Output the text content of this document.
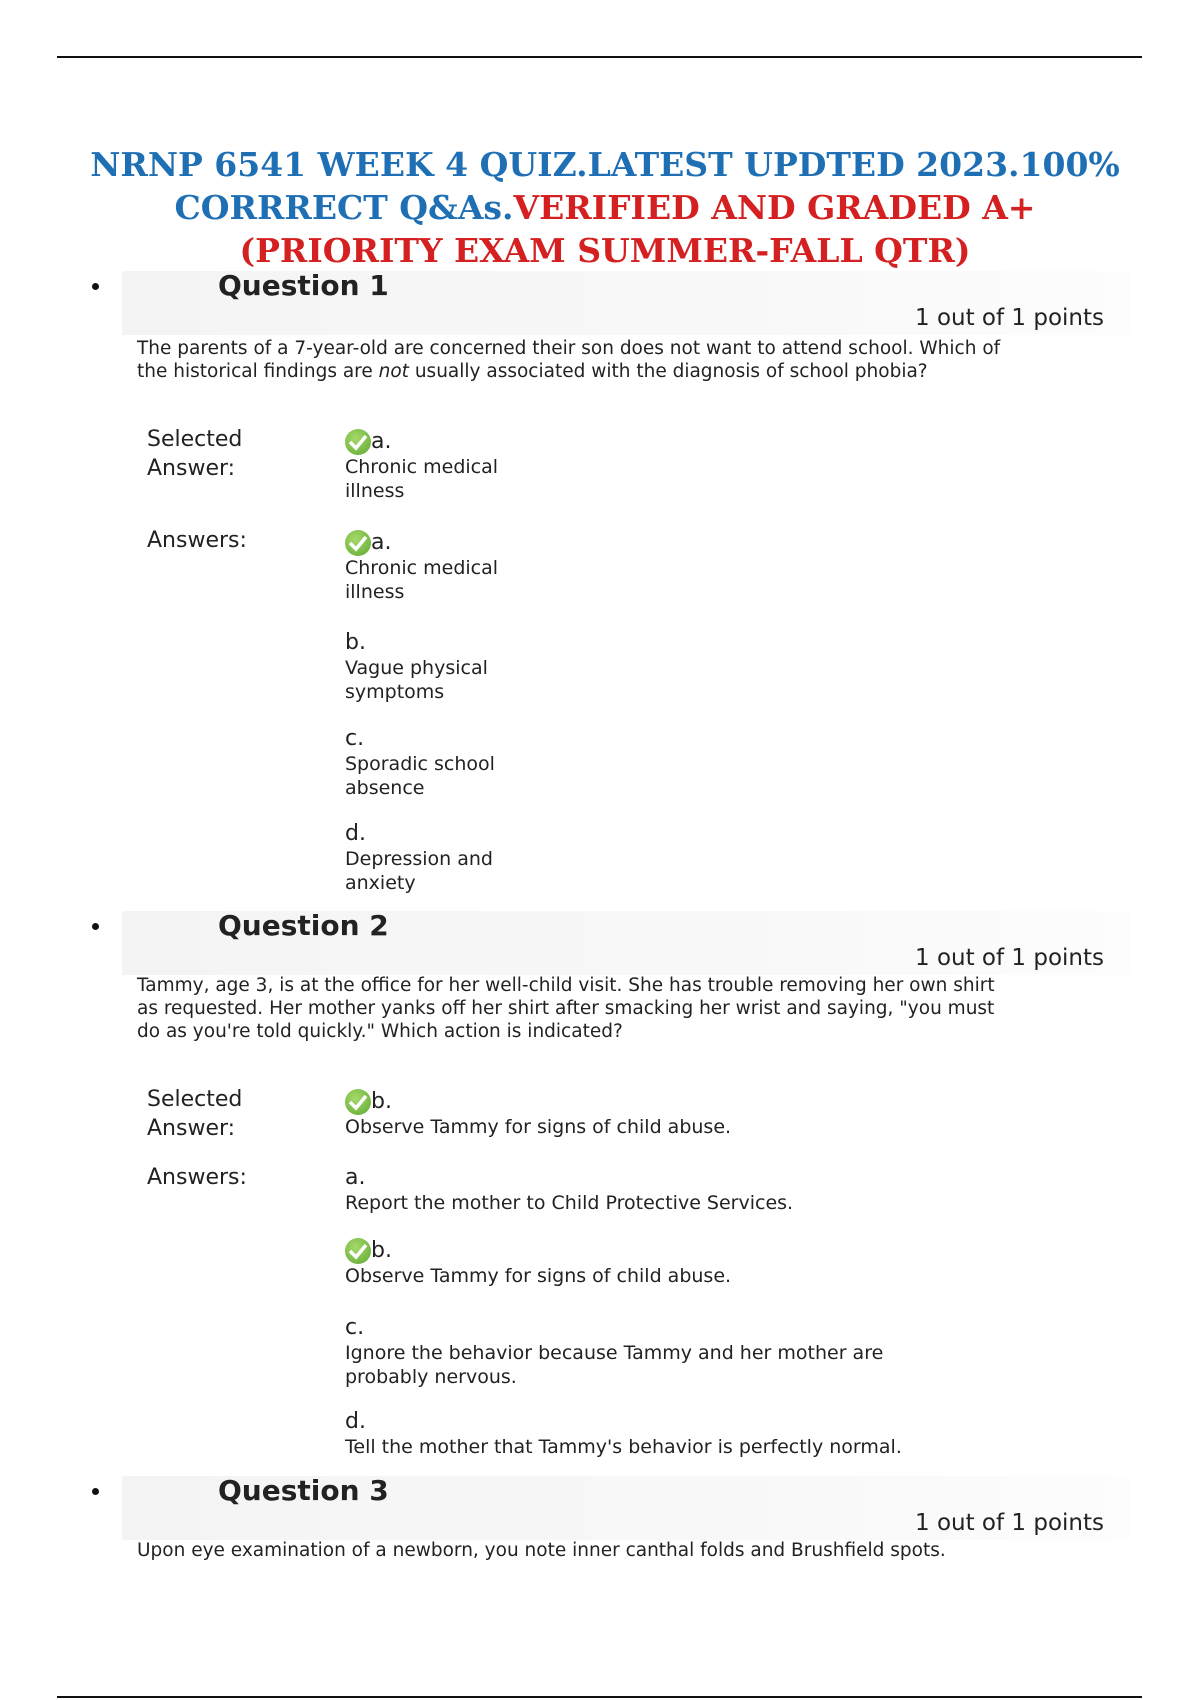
NRNP 6541 WEEK 4 QUIZ.LATEST UPDTED 2023.100% CORRRECT Q&As.VERIFIED AND GRADED A+ (PRIORITY EXAM SUMMER-FALL QTR)
Question 1
1 out of 1 points
The parents of a 7-year-old are concerned their son does not want to attend school. Which of the historical findings are not usually associated with the diagnosis of school phobia?
Selected Answer:
a.
Chronic medical illness
Answers:	a.
Chronic medical illness
b.
Vague physical symptoms
c.
Sporadic school absence
d.
Depression and anxiety
Question 2
1 out of 1 points
Tammy, age 3, is at the office for her well-child visit. She has trouble removing her own shirt as requested. Her mother yanks off her shirt after smacking her wrist and saying, "you must do as you're told quickly." Which action is indicated?
Selected Answer:
b.
Observe Tammy for signs of child abuse.
Answers:	a.
Report the mother to Child Protective Services.
b.
Observe Tammy for signs of child abuse.
c.
Ignore the behavior because Tammy and her mother are probably nervous.
d.
Tell the mother that Tammy's behavior is perfectly normal.
Question 3
1 out of 1 points
Upon eye examination of a newborn, you note inner canthal folds and Brushfield spots.
